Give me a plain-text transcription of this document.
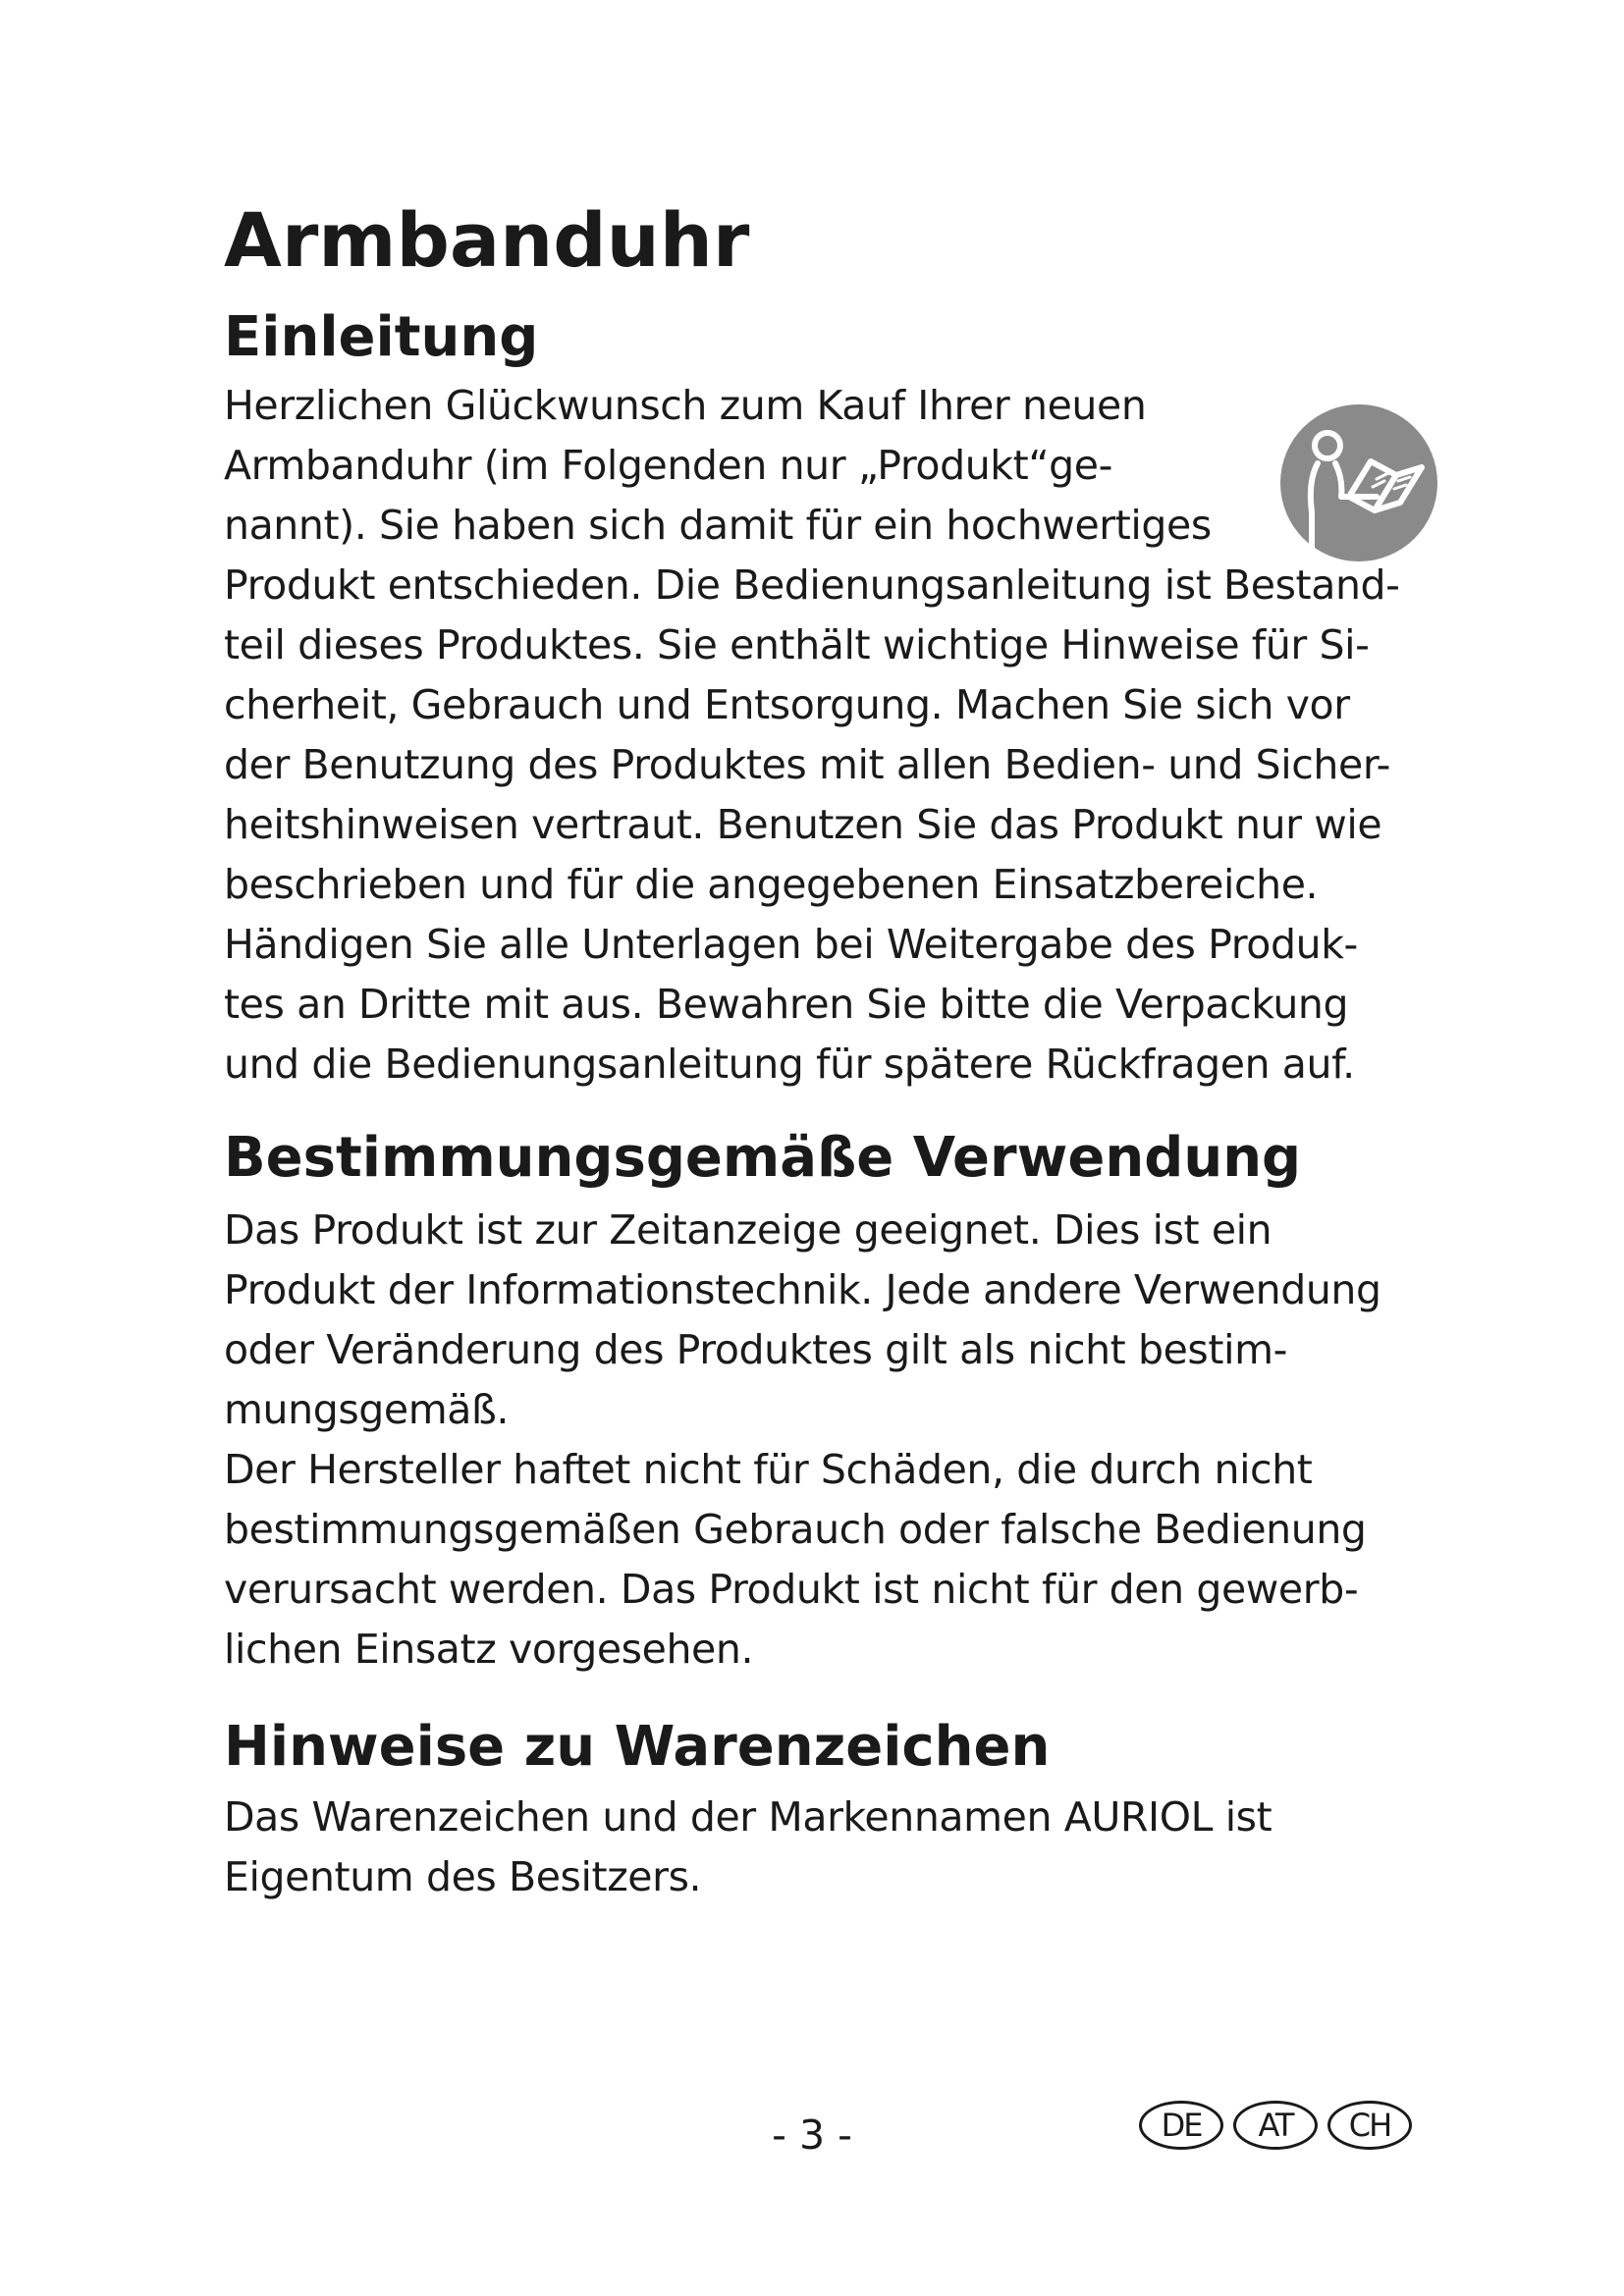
Armbanduhr
Einleitung

Herzlichen Glückwunsch zum Kauf Ihrer neuen
Armbanduhr (im Folgenden nur „Produkt“ge-
nannt). Sie haben sich damit für ein hochwertiges
Produkt entschieden. Die Bedienungsanleitung ist Bestand-
teil dieses Produktes. Sie enthält wichtige Hinweise für Si-
cherheit, Gebrauch und Entsorgung. Machen Sie sich vor
der Benutzung des Produktes mit allen Bedien- und Sicher-
heitshinweisen vertraut. Benutzen Sie das Produkt nur wie
beschrieben und für die angegebenen Einsatzbereiche.
Händigen Sie alle Unterlagen bei Weitergabe des Produk-
tes an Dritte mit aus. Bewahren Sie bitte die Verpackung
und die Bedienungsanleitung für spätere Rückfragen auf.

Bestimmungsgemäße Verwendung

Das Produkt ist zur Zeitanzeige geeignet. Dies ist ein
Produkt der Informationstechnik. Jede andere Verwendung
oder Veränderung des Produktes gilt als nicht bestim-
mungsgemäß.
Der Hersteller haftet nicht für Schäden, die durch nicht
bestimmungsgemäßen Gebrauch oder falsche Bedienung
verursacht werden. Das Produkt ist nicht für den gewerb-
lichen Einsatz vorgesehen.

Hinweise zu Warenzeichen

Das Warenzeichen und der Markennamen AURIOL ist
Eigentum des Besitzers.

- 3 -	DE	AT	CH
